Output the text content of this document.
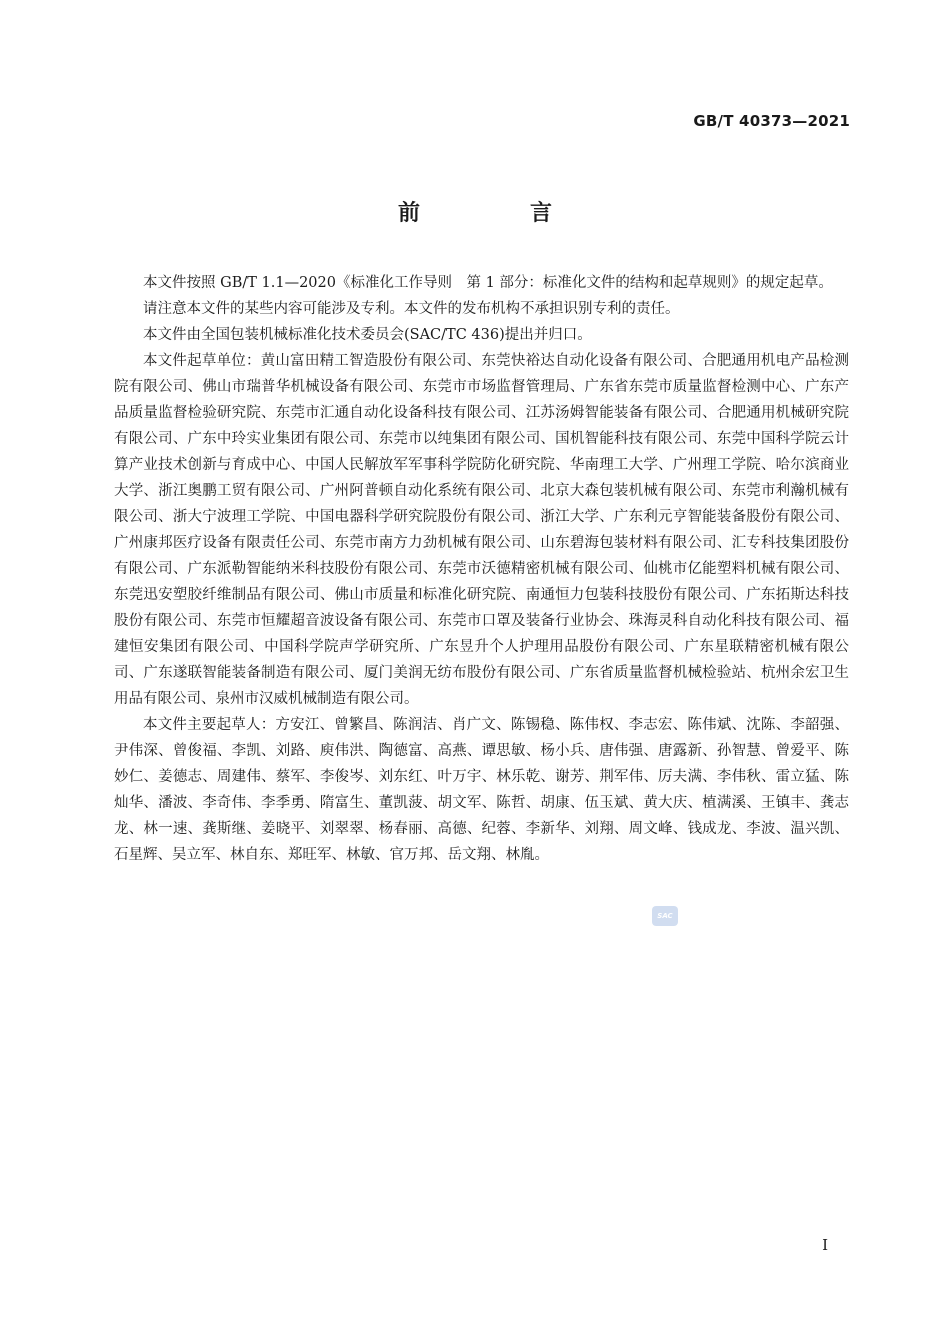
GB/T 40373—2021
前　言

本文件按照 GB/T 1.1—2020《标准化工作导则　第 1 部分：标准化文件的结构和起草规则》的规定起草。

请注意本文件的某些内容可能涉及专利。本文件的发布机构不承担识别专利的责任。

本文件由全国包装机械标准化技术委员会(SAC/TC 436)提出并归口。

本文件起草单位：黄山富田精工智造股份有限公司、东莞快裕达自动化设备有限公司、合肥通用机电产品检测院有限公司、佛山市瑞普华机械设备有限公司、东莞市市场监督管理局、广东省东莞市质量监督检测中心、广东产品质量监督检验研究院、东莞市汇通自动化设备科技有限公司、江苏汤姆智能装备有限公司、合肥通用机械研究院有限公司、广东中玲实业集团有限公司、东莞市以纯集团有限公司、国机智能科技有限公司、东莞中国科学院云计算产业技术创新与育成中心、中国人民解放军军事科学院防化研究院、华南理工大学、广州理工学院、哈尔滨商业大学、浙江奥鹏工贸有限公司、广州阿普顿自动化系统有限公司、北京大森包装机械有限公司、东莞市利瀚机械有限公司、浙大宁波理工学院、中国电器科学研究院股份有限公司、浙江大学、广东利元亨智能装备股份有限公司、广州康邦医疗设备有限责任公司、东莞市南方力劲机械有限公司、山东碧海包装材料有限公司、汇专科技集团股份有限公司、广东派勒智能纳米科技股份有限公司、东莞市沃德精密机械有限公司、仙桃市亿能塑料机械有限公司、东莞迅安塑胶纤维制品有限公司、佛山市质量和标准化研究院、南通恒力包装科技股份有限公司、广东拓斯达科技股份有限公司、东莞市恒耀超音波设备有限公司、东莞市口罩及装备行业协会、珠海灵科自动化科技有限公司、福建恒安集团有限公司、中国科学院声学研究所、广东昱升个人护理用品股份有限公司、广东星联精密机械有限公司、广东遂联智能装备制造有限公司、厦门美润无纺布股份有限公司、广东省质量监督机械检验站、杭州余宏卫生用品有限公司、泉州市汉威机械制造有限公司。

本文件主要起草人：方安江、曾繁昌、陈润洁、肖广文、陈锡稳、陈伟权、李志宏、陈伟斌、沈陈、李韶强、尹伟深、曾俊福、李凯、刘路、庾伟洪、陶德富、高燕、谭思敏、杨小兵、唐伟强、唐露新、孙智慧、曾爱平、陈妙仁、姜德志、周建伟、蔡军、李俊岑、刘东红、叶万宇、林乐乾、谢芳、荆军伟、厉夫满、李伟秋、雷立猛、陈灿华、潘波、李奇伟、李季勇、隋富生、董凯菠、胡文军、陈哲、胡康、伍玉斌、黄大庆、植满溪、王镇丰、龚志龙、林一速、龚斯继、姜晓平、刘翠翠、杨春丽、高德、纪蓉、李新华、刘翔、周文峰、钱成龙、李波、温兴凯、石星辉、吴立军、林自东、郑旺军、林敏、官万邦、岳文翔、林胤。

SAC
I
